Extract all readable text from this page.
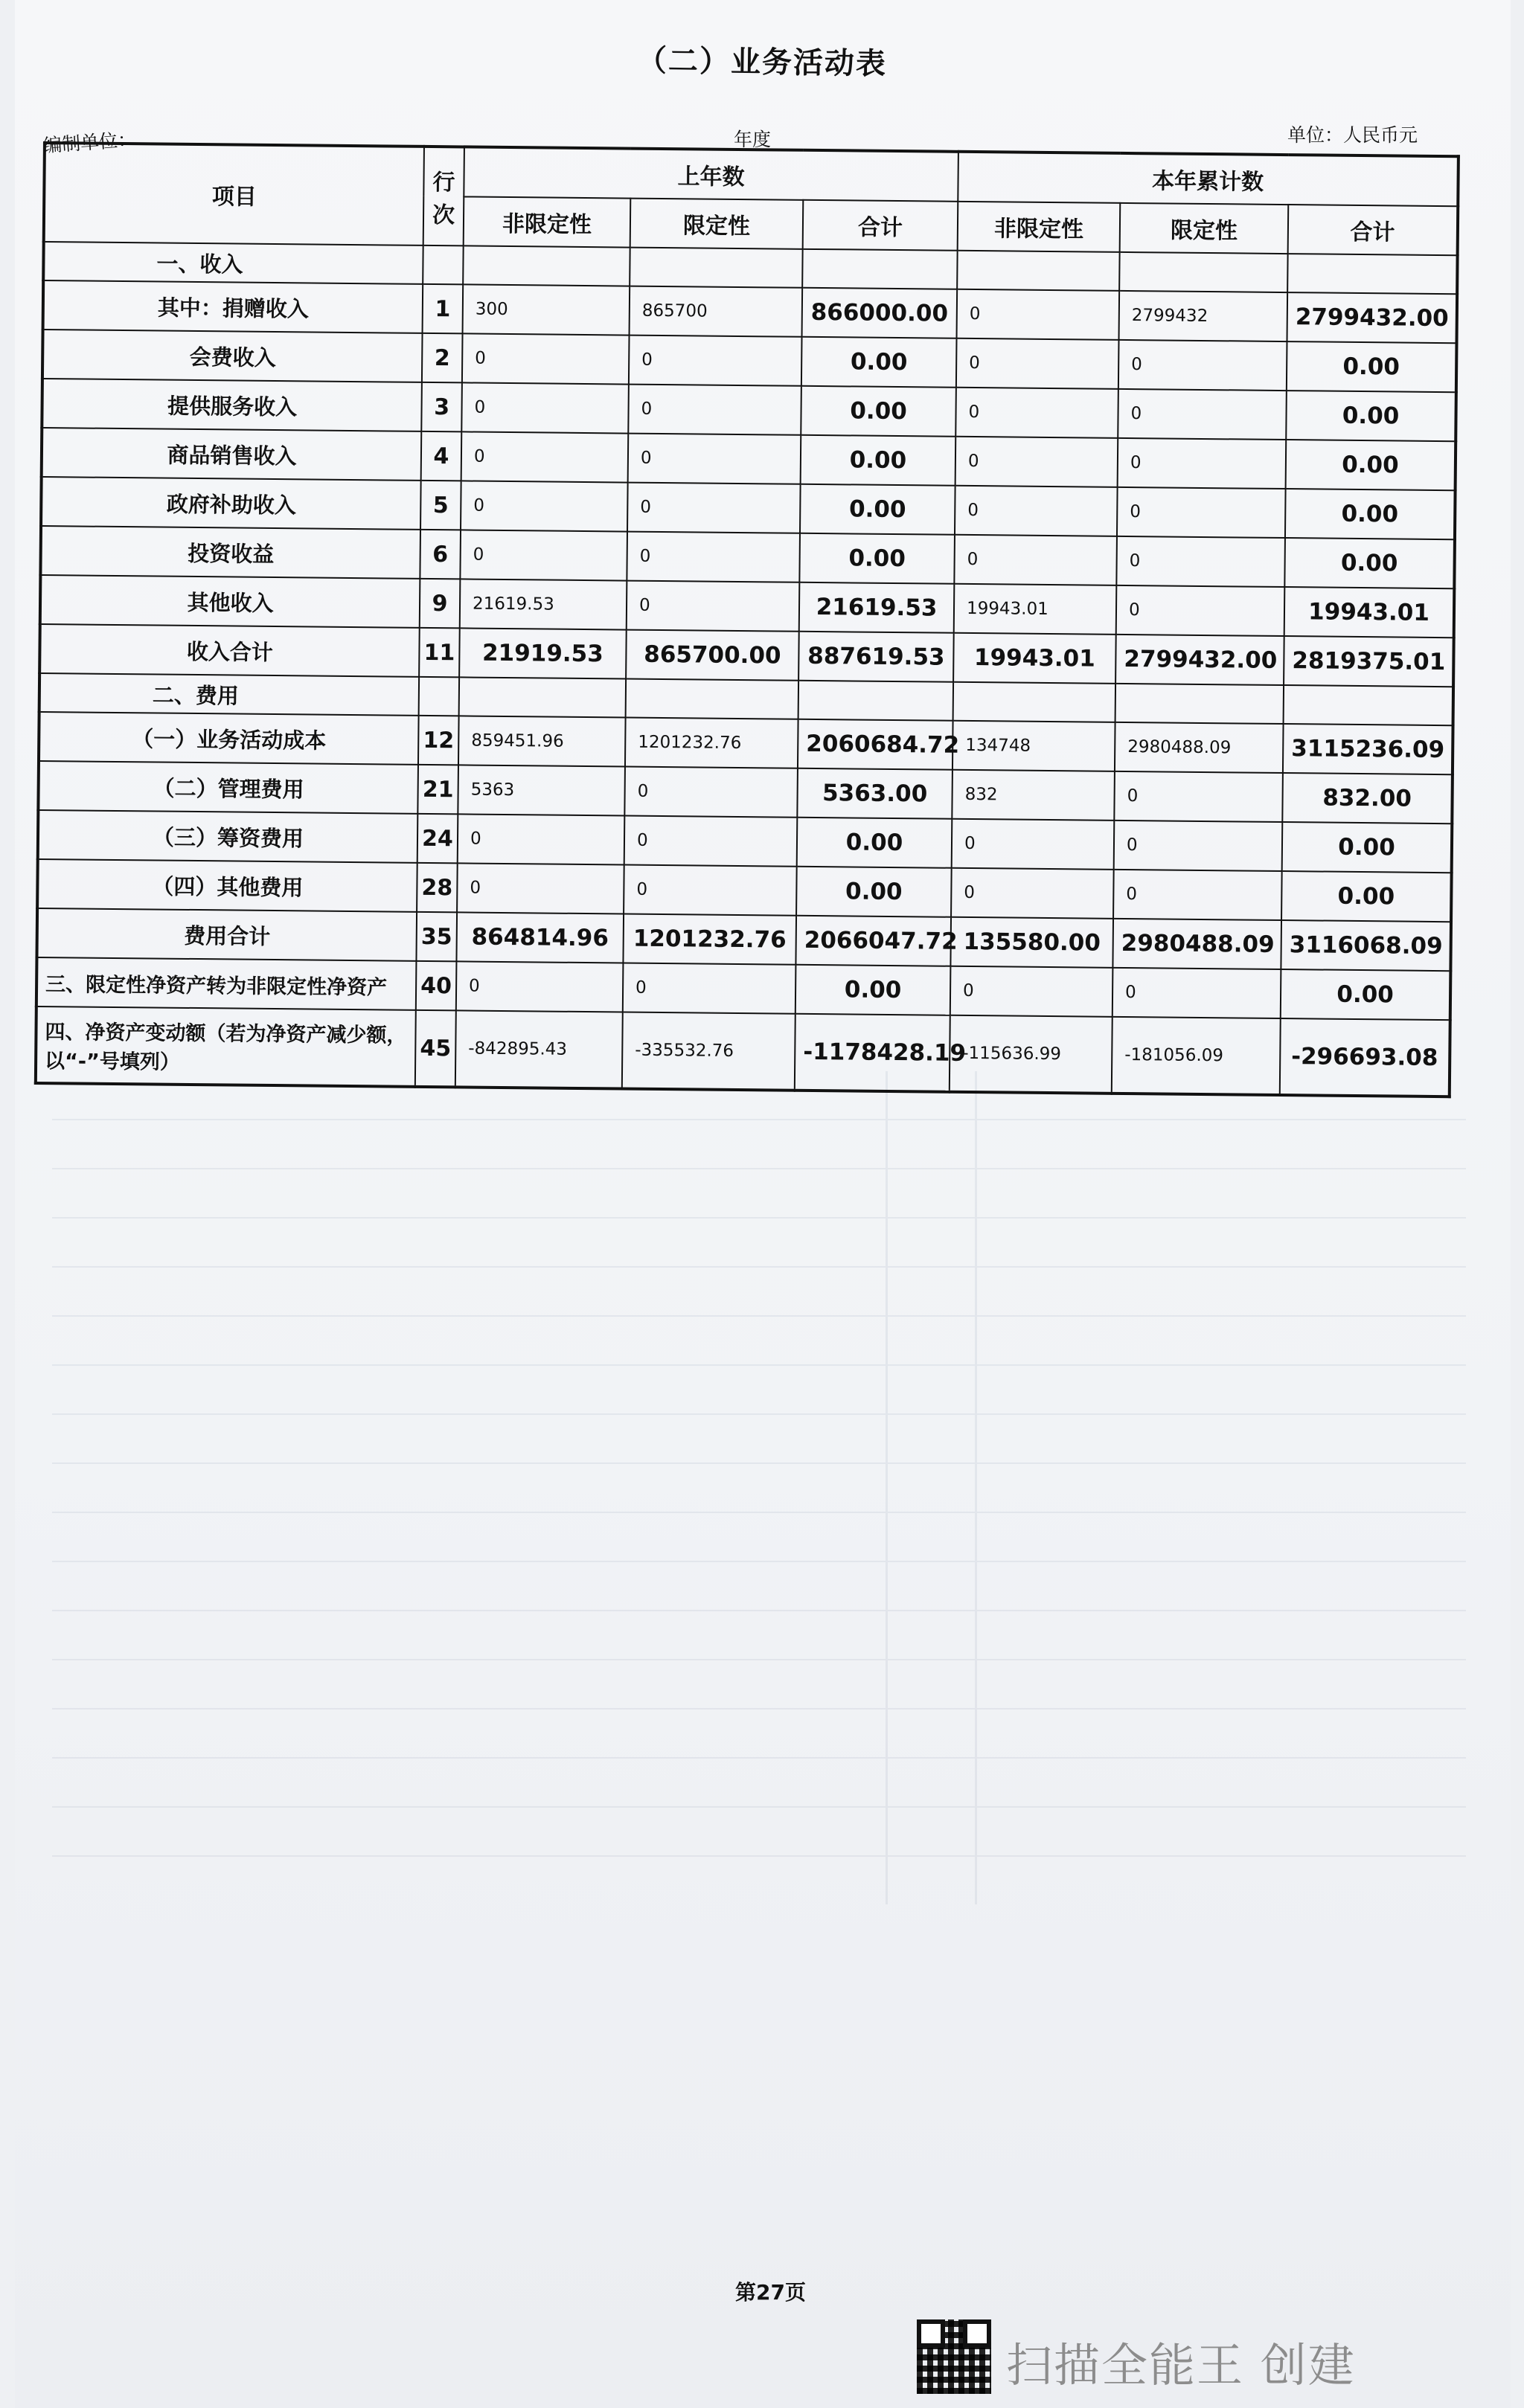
（二）业务活动表
编制单位：	年度	单位：人民币元
项目	行次	上年数			本年累计数		
		非限定性	限定性	合计	非限定性	限定性	合计
一、收入							
其中：捐赠收入	1	300	865700	866000.00	0	2799432	2799432.00
会费收入	2	0	0	0.00	0	0	0.00
提供服务收入	3	0	0	0.00	0	0	0.00
商品销售收入	4	0	0	0.00	0	0	0.00
政府补助收入	5	0	0	0.00	0	0	0.00
投资收益	6	0	0	0.00	0	0	0.00
其他收入	9	21619.53	0	21619.53	19943.01	0	19943.01
收入合计	11	21919.53	865700.00	887619.53	19943.01	2799432.00	2819375.01
二、费用							
（一）业务活动成本	12	859451.96	1201232.76	2060684.72	134748	2980488.09	3115236.09
（二）管理费用	21	5363	0	5363.00	832	0	832.00
（三）筹资费用	24	0	0	0.00	0	0	0.00
（四）其他费用	28	0	0	0.00	0	0	0.00
费用合计	35	864814.96	1201232.76	2066047.72	135580.00	2980488.09	3116068.09
三、限定性净资产转为非限定性净资产	40	0	0	0.00	0	0	0.00
四、净资产变动额（若为净资产减少额，以“-”号填列）	45	-842895.43	-335532.76	-1178428.19	-115636.99	-181056.09	-296693.08
第27页
扫描全能王 创建
